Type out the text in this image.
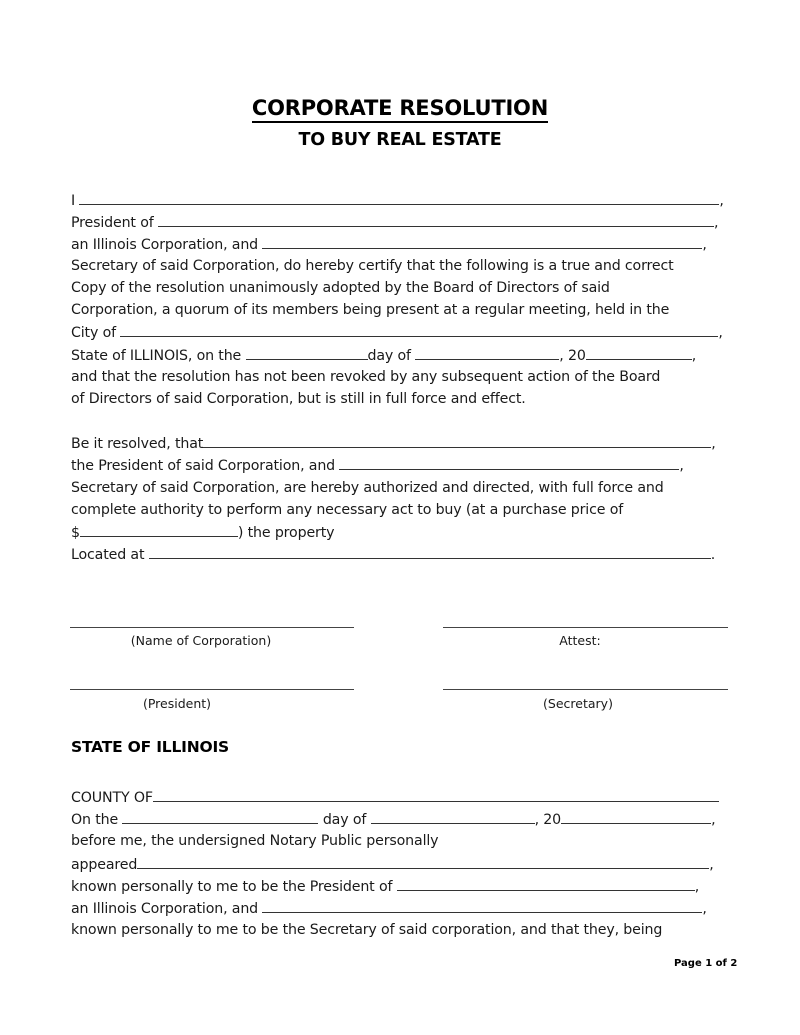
CORPORATE RESOLUTION
TO BUY REAL ESTATE
I	,
President of	,
an Illinois Corporation, and	,
Secretary of said Corporation, do hereby certify that the following is a true and correct
Copy of the resolution unanimously adopted by the Board of Directors of said
Corporation, a quorum of its members being present at a regular meeting, held in the
City of	,
State of ILLINOIS, on the	day of	, 20	,
and that the resolution has not been revoked by any subsequent action of the Board
of Directors of said Corporation, but is still in full force and effect.
Be it resolved, that	,
the President of said Corporation, and	,
Secretary of said Corporation, are hereby authorized and directed, with full force and
complete authority to perform any necessary act to buy (at a purchase price of
$	) the property
Located at	.
(Name of Corporation)	Attest:
(President)	(Secretary)
STATE OF ILLINOIS
COUNTY OF
On the	day of	, 20	,
before me, the undersigned Notary Public personally
appeared	,
known personally to me to be the President of	,
an Illinois Corporation, and	,
known personally to me to be the Secretary of said corporation, and that they, being
Page 1 of 2
